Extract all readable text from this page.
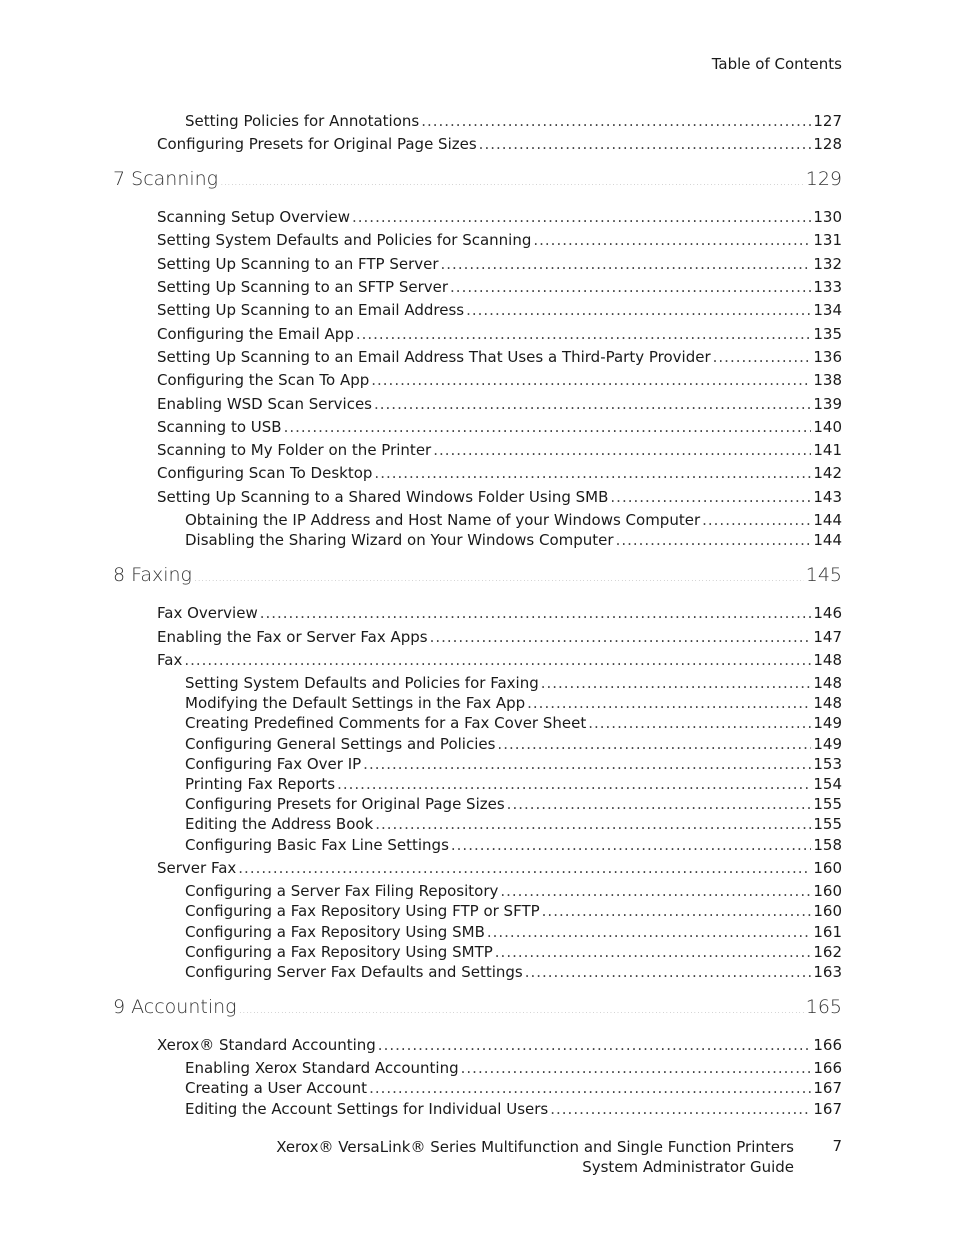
Table of Contents
Setting Policies for Annotations .....	127
Configuring Presets for Original Page Sizes .....	128
7 Scanning .....	129
Scanning Setup Overview .....	130
Setting System Defaults and Policies for Scanning .....	131
Setting Up Scanning to an FTP Server .....	132
Setting Up Scanning to an SFTP Server .....	133
Setting Up Scanning to an Email Address .....	134
Configuring the Email App .....	135
Setting Up Scanning to an Email Address That Uses a Third-Party Provider .....	136
Configuring the Scan To App .....	138
Enabling WSD Scan Services .....	139
Scanning to USB .....	140
Scanning to My Folder on the Printer .....	141
Configuring Scan To Desktop .....	142
Setting Up Scanning to a Shared Windows Folder Using SMB .....	143
Obtaining the IP Address and Host Name of your Windows Computer .....	144
Disabling the Sharing Wizard on Your Windows Computer .....	144
8 Faxing .....	145
Fax Overview .....	146
Enabling the Fax or Server Fax Apps .....	147
Fax .....	148
Setting System Defaults and Policies for Faxing .....	148
Modifying the Default Settings in the Fax App .....	148
Creating Predefined Comments for a Fax Cover Sheet .....	149
Configuring General Settings and Policies .....	149
Configuring Fax Over IP .....	153
Printing Fax Reports .....	154
Configuring Presets for Original Page Sizes .....	155
Editing the Address Book .....	155
Configuring Basic Fax Line Settings .....	158
Server Fax .....	160
Configuring a Server Fax Filing Repository .....	160
Configuring a Fax Repository Using FTP or SFTP .....	160
Configuring a Fax Repository Using SMB .....	161
Configuring a Fax Repository Using SMTP .....	162
Configuring Server Fax Defaults and Settings .....	163
9 Accounting .....	165
Xerox® Standard Accounting .....	166
Enabling Xerox Standard Accounting .....	166
Creating a User Account .....	167
Editing the Account Settings for Individual Users .....	167
Xerox® VersaLink® Series Multifunction and Single Function Printers
System Administrator Guide
7
